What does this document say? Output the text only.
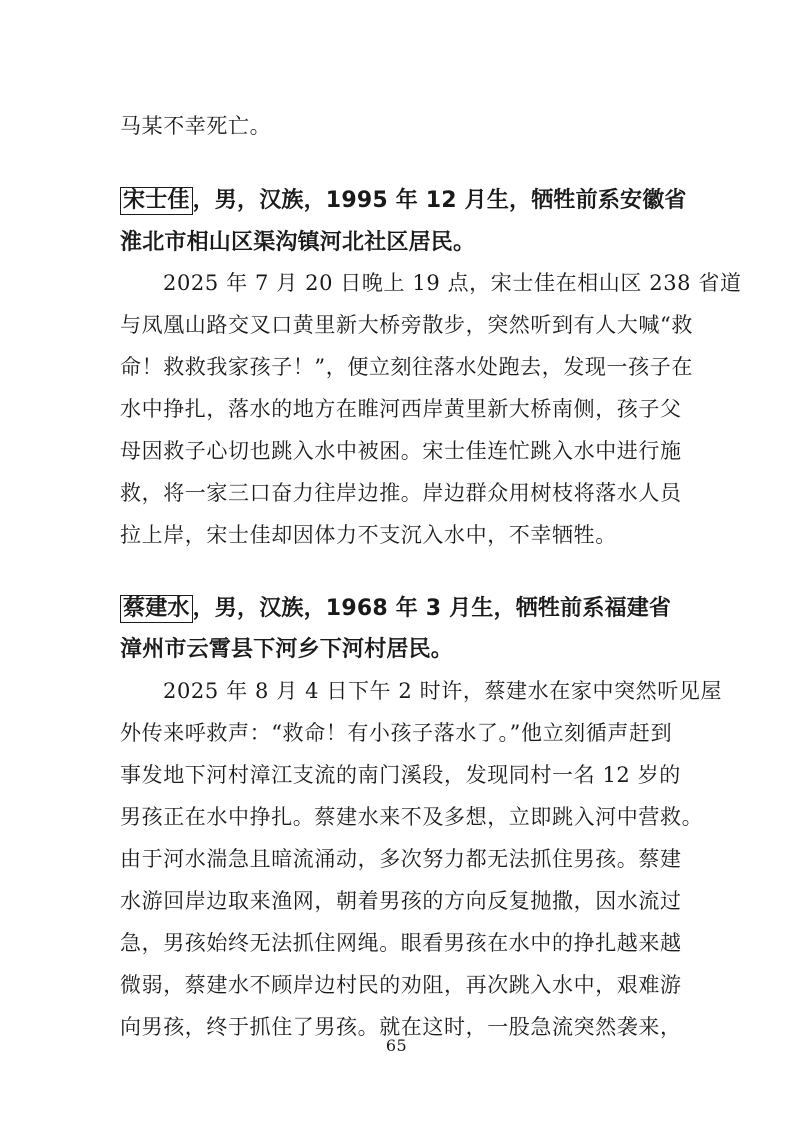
马某不幸死亡。
宋士佳 ，男，汉族，1995 年 12 月生，牺牲前系安徽省
淮北市相山区渠沟镇河北社区居民。
2025 年 7 月 20 日晚上 19 点，宋士佳在相山区 238 省道
与凤凰山路交叉口黄里新大桥旁散步，突然听到有人大喊“救
命！救救我家孩子！”，便立刻往落水处跑去，发现一孩子在
水中挣扎，落水的地方在睢河西岸黄里新大桥南侧，孩子父
母因救子心切也跳入水中被困。宋士佳连忙跳入水中进行施
救，将一家三口奋力往岸边推。岸边群众用树枝将落水人员
拉上岸，宋士佳却因体力不支沉入水中，不幸牺牲。
蔡建水 ，男，汉族，1968 年 3 月生，牺牲前系福建省
漳州市云霄县下河乡下河村居民。
2025 年 8 月 4 日下午 2 时许，蔡建水在家中突然听见屋
外传来呼救声：“救命！有小孩子落水了。”他立刻循声赶到
事发地下河村漳江支流的南门溪段，发现同村一名 12 岁的
男孩正在水中挣扎。蔡建水来不及多想，立即跳入河中营救。
由于河水湍急且暗流涌动，多次努力都无法抓住男孩。蔡建
水游回岸边取来渔网，朝着男孩的方向反复抛撒，因水流过
急，男孩始终无法抓住网绳。眼看男孩在水中的挣扎越来越
微弱，蔡建水不顾岸边村民的劝阻，再次跳入水中，艰难游
向男孩，终于抓住了男孩。就在这时，一股急流突然袭来，
65
